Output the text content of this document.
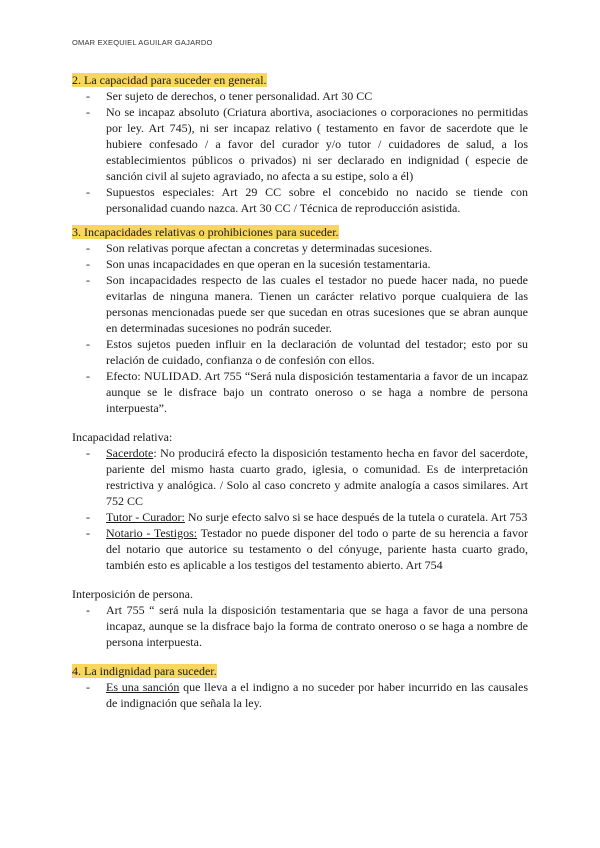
OMAR EXEQUIEL AGUILAR GAJARDO

2. La capacidad para suceder en general.

- Ser sujeto de derechos, o tener personalidad. Art 30 CC
- No se incapaz absoluto (Criatura abortiva, asociaciones o corporaciones no permitidas por ley. Art 745), ni ser incapaz relativo ( testamento en favor de sacerdote que le hubiere confesado / a favor del curador y/o tutor / cuidadores de salud, a los establecimientos públicos o privados) ni ser declarado en indignidad ( especie de sanción civil al sujeto agraviado, no afecta a su estipe, solo a él)
- Supuestos especiales: Art 29 CC sobre el concebido no nacido se tiende con personalidad cuando nazca. Art 30 CC / Técnica de reproducción asistida.

3. Incapacidades relativas o prohibiciones para suceder.

- Son relativas porque afectan a concretas y determinadas sucesiones.
- Son unas incapacidades en que operan en la sucesión testamentaria.
- Son incapacidades respecto de las cuales el testador no puede hacer nada, no puede evitarlas de ninguna manera. Tienen un carácter relativo porque cualquiera de las personas mencionadas puede ser que sucedan en otras sucesiones que se abran aunque en determinadas sucesiones no podrán suceder.
- Estos sujetos pueden influir en la declaración de voluntad del testador; esto por su relación de cuidado, confianza o de confesión con ellos.
- Efecto: NULIDAD. Art 755 “Será nula disposición testamentaria a favor de un incapaz aunque se le disfrace bajo un contrato oneroso o se haga a nombre de persona interpuesta”.

Incapacidad relativa:

- Sacerdote: No producirá efecto la disposición testamento hecha en favor del sacerdote, pariente del mismo hasta cuarto grado, iglesia, o comunidad. Es de interpretación restrictiva y analógica. / Solo al caso concreto y admite analogía a casos similares. Art 752 CC
- Tutor - Curador: No surje efecto salvo si se hace después de la tutela o curatela. Art 753
- Notario - Testigos: Testador no puede disponer del todo o parte de su herencia a favor del notario que autorice su testamento o del cónyuge, pariente hasta cuarto grado, también esto es aplicable a los testigos del testamento abierto. Art 754

Interposición de persona.

- Art 755 “ será nula la disposición testamentaria que se haga a favor de una persona incapaz, aunque se la disfrace bajo la forma de contrato oneroso o se haga a nombre de persona interpuesta.

4. La indignidad para suceder.

- Es una sanción que lleva a el indigno a no suceder por haber incurrido en las causales de indignación que señala la ley.
